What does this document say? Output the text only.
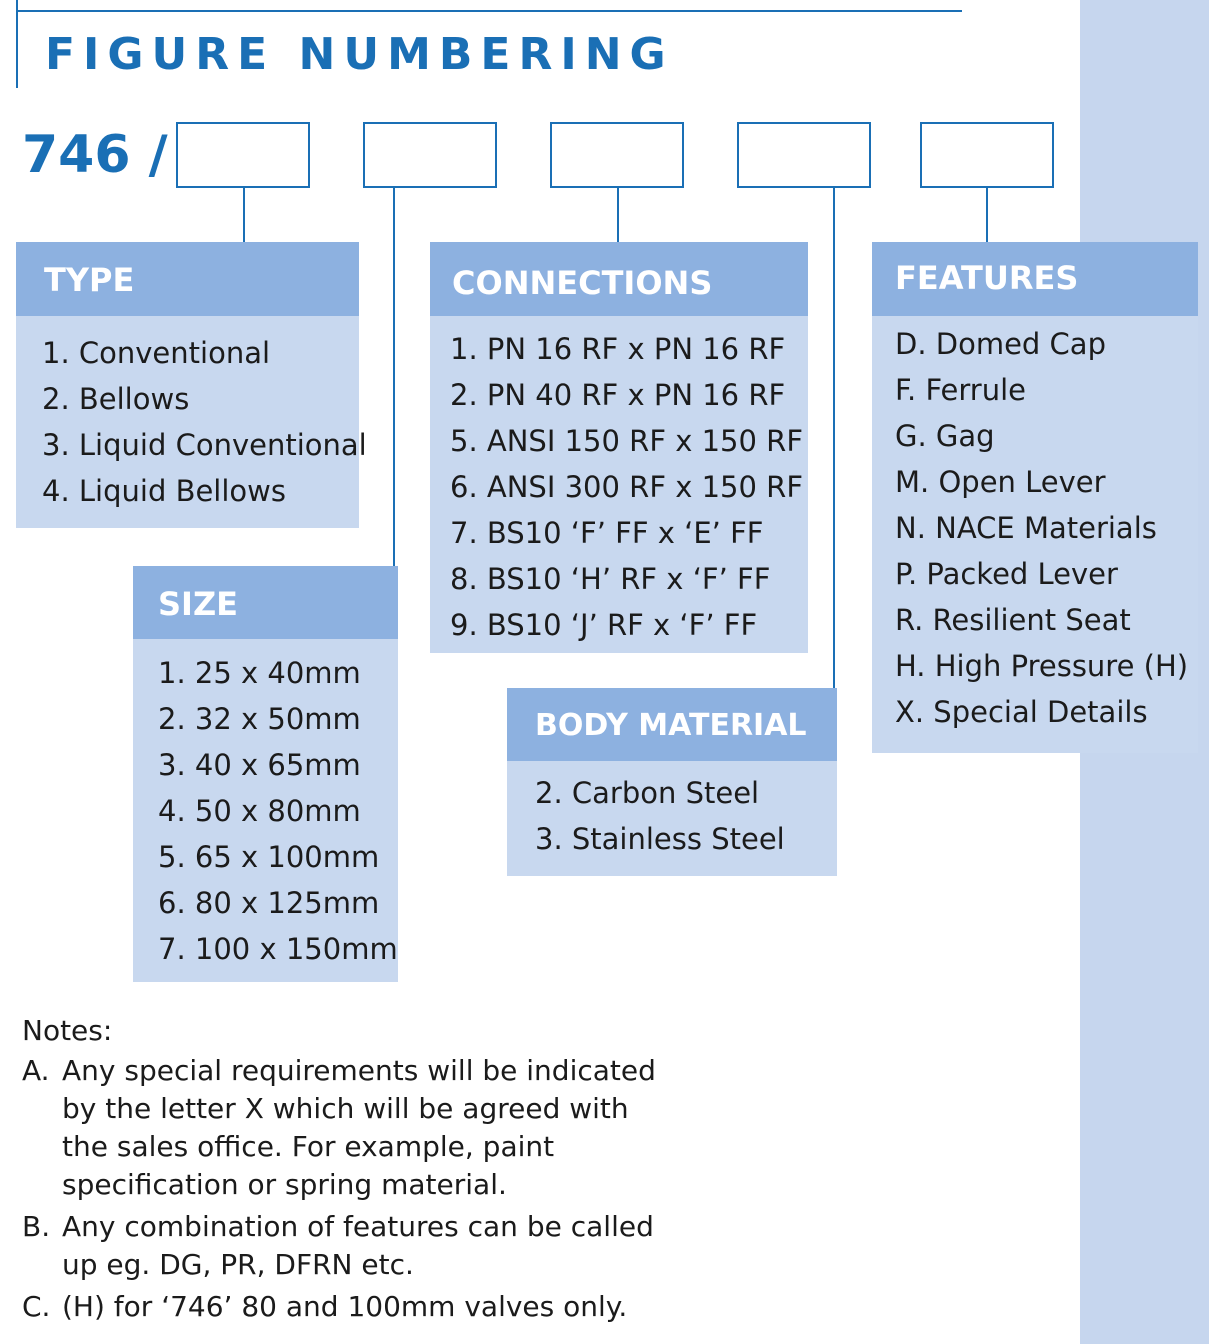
FIGURE NUMBERING
746 /
TYPE
1. Conventional
2. Bellows
3. Liquid Conventional
4. Liquid Bellows
CONNECTIONS
1. PN 16 RF x PN 16 RF
2. PN 40 RF x PN 16 RF
5. ANSI 150 RF x 150 RF
6. ANSI 300 RF x 150 RF
7. BS10 ‘F’ FF x ‘E’ FF
8. BS10 ‘H’ RF x ‘F’ FF
9. BS10 ‘J’ RF x ‘F’ FF
FEATURES
D. Domed Cap
F. Ferrule
G. Gag
M. Open Lever
N. NACE Materials
P. Packed Lever
R. Resilient Seat
H. High Pressure (H)
X. Special Details
SIZE
1. 25 x 40mm
2. 32 x 50mm
3. 40 x 65mm
4. 50 x 80mm
5. 65 x 100mm
6. 80 x 125mm
7. 100 x 150mm
BODY MATERIAL
2. Carbon Steel
3. Stainless Steel

Notes:

A. Any special requirements will be indicated by the letter X which will be agreed with the sales office. For example, paint specification or spring material.
B. Any combination of features can be called up eg. DG, PR, DFRN etc.
C. (H) for ‘746’ 80 and 100mm valves only.
